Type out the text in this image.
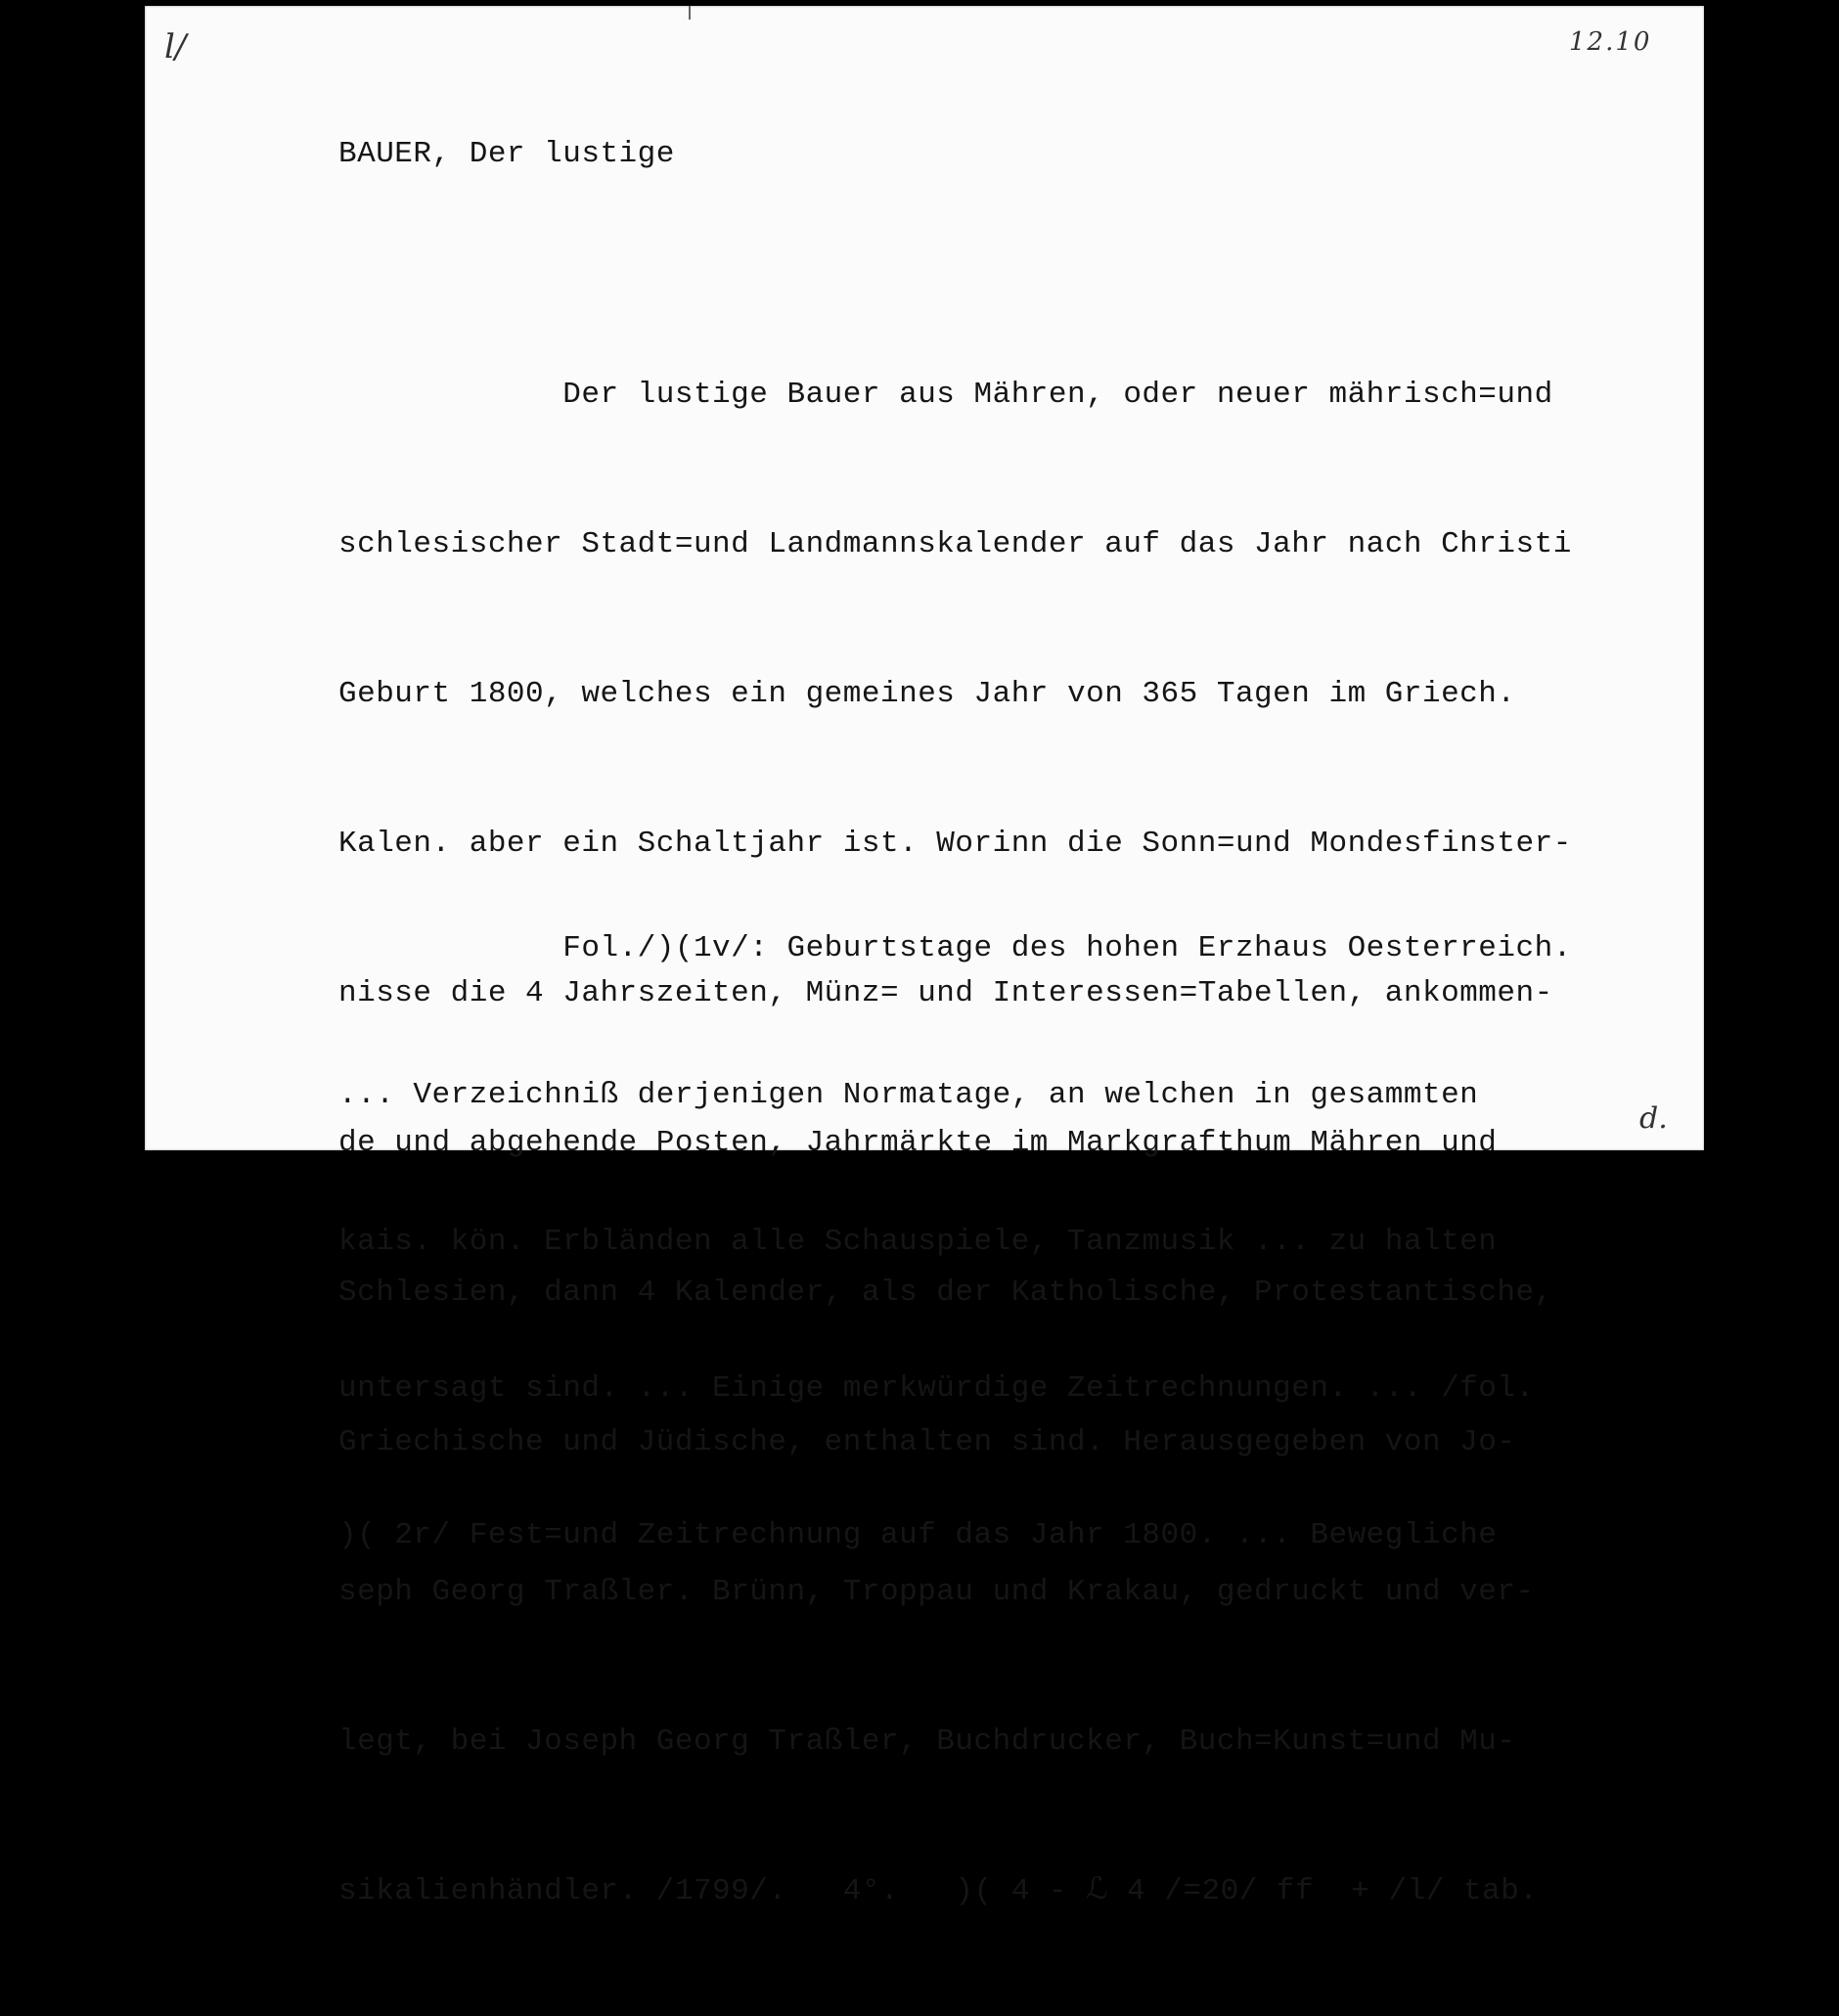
l/	12.10
BAUER, Der lustige

Der lustige Bauer aus Mähren, oder neuer mährisch=und

schlesischer Stadt=und Landmannskalender auf das Jahr nach Christi

Geburt 1800, welches ein gemeines Jahr von 365 Tagen im Griech.

Kalen. aber ein Schaltjahr ist. Worinn die Sonn=und Mondesfinster-

nisse die 4 Jahrszeiten, Münz= und Interessen=Tabellen, ankommen-

de und abgehende Posten, Jahrmärkte im Markgrafthum Mähren und

Schlesien, dann 4 Kalender, als der Katholische, Protestantische,

Griechische und Jüdische, enthalten sind. Herausgegeben von Jo-

seph Georg Traßler. Brünn, Troppau und Krakau, gedruckt und ver-

legt, bei Joseph Georg Traßler, Buchdrucker, Buch=Kunst=und Mu-

sikalienhändler. /1799/.   4°.   )( 4 - ℒ 4 /=20/ ff  + /l/ tab.

Fol./)(1v/: Geburtstage des hohen Erzhaus Oesterreich.

... Verzeichniß derjenigen Normatage, an welchen in gesammten

kais. kön. Erbländen alle Schauspiele, Tanzmusik ... zu halten

untersagt sind. ... Einige merkwürdige Zeitrechnungen. ... /fol.

)( 2r/ Fest=und Zeitrechnung auf das Jahr 1800. ... Bewegliche

d.
